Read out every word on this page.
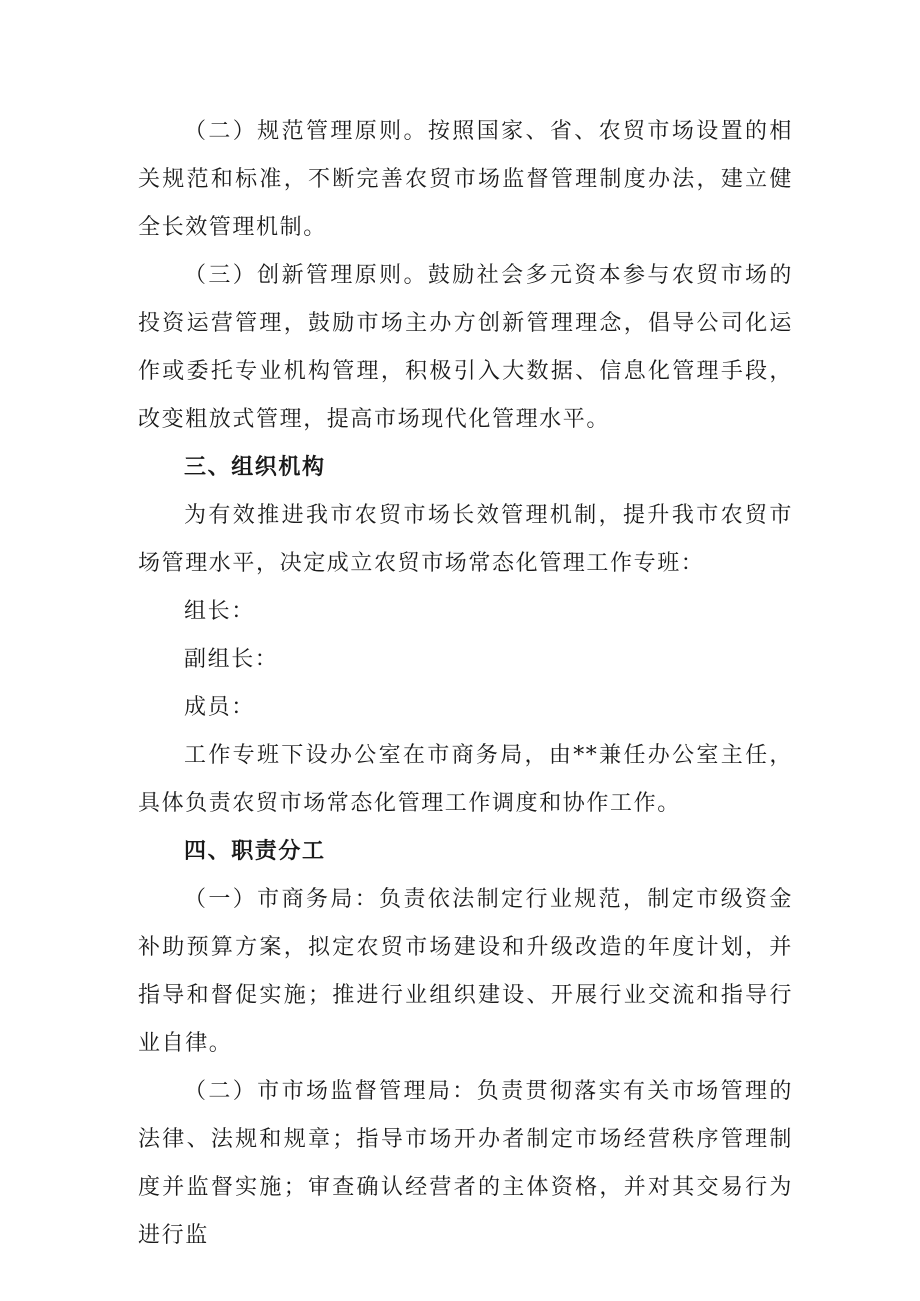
（二）规范管理原则。按照国家、省、农贸市场设置的相关规范和标准，不断完善农贸市场监督管理制度办法，建立健全长效管理机制。

（三）创新管理原则。鼓励社会多元资本参与农贸市场的投资运营管理，鼓励市场主办方创新管理理念，倡导公司化运作或委托专业机构管理，积极引入大数据、信息化管理手段，改变粗放式管理，提高市场现代化管理水平。

三、组织机构

为有效推进我市农贸市场长效管理机制，提升我市农贸市场管理水平，决定成立农贸市场常态化管理工作专班：

组长：

副组长：

成员：

工作专班下设办公室在市商务局，由**兼任办公室主任，具体负责农贸市场常态化管理工作调度和协作工作。

四、职责分工

（一）市商务局：负责依法制定行业规范，制定市级资金补助预算方案，拟定农贸市场建设和升级改造的年度计划，并指导和督促实施；推进行业组织建设、开展行业交流和指导行业自律。

（二）市市场监督管理局：负责贯彻落实有关市场管理的法律、法规和规章；指导市场开办者制定市场经营秩序管理制度并监督实施；审查确认经营者的主体资格，并对其交易行为进行监
